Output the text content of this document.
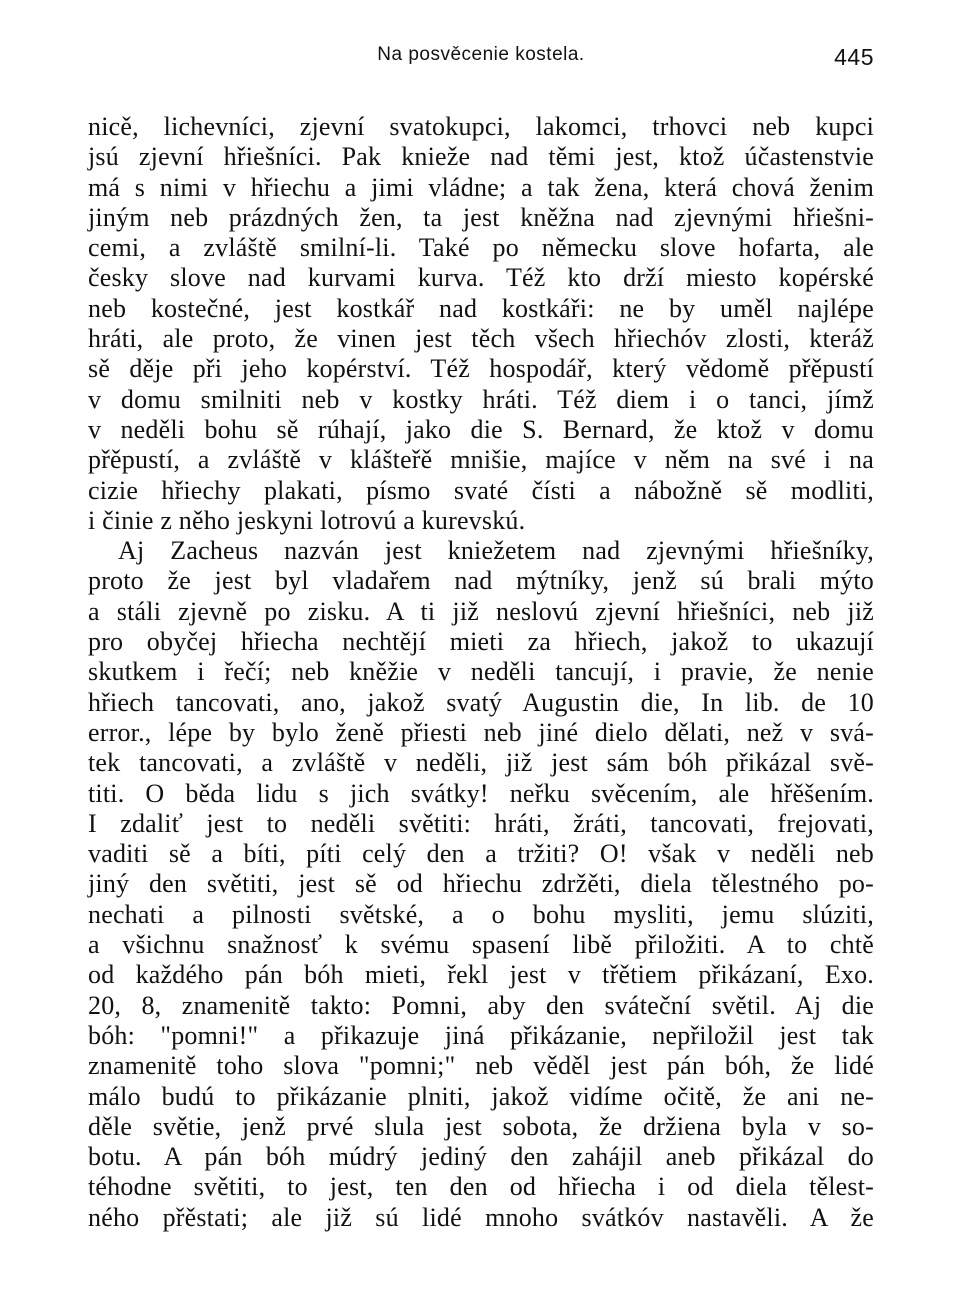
Na posvěcenie kostela.	445
nicě, lichevníci, zjevní svatokupci, lakomci, trhovci neb kupci
jsú zjevní hřiešníci. Pak knieže nad těmi jest, ktož účastenstvie
má s nimi v hřiechu a jimi vládne; a tak žena, která chová ženim
jiným neb prázdných žen, ta jest kněžna nad zjevnými hřiešni-
cemi, a zvláště smilní-li. Také po německu slove hofarta, ale
česky slove nad kurvami kurva. Též kto drží miesto kopérské
neb kostečné, jest kostkář nad kostkáři: ne by uměl najlépe
hráti, ale proto, že vinen jest těch všech hřiechóv zlosti, kteráž
sě děje při jeho kopérství. Též hospodář, který vědomě přěpustí
v domu smilniti neb v kostky hráti. Též diem i o tanci, jímž
v neděli bohu sě rúhají, jako die S. Bernard, že ktož v domu
přěpustí, a zvláště v klášteřě mnišie, majíce v něm na své i na
cizie hřiechy plakati, písmo svaté čísti a nábožně sě modliti,
i činie z něho jeskyni lotrovú a kurevskú.
Aj Zacheus nazván jest kniežetem nad zjevnými hřiešníky,
proto že jest byl vladařem nad mýtníky, jenž sú brali mýto
a stáli zjevně po zisku. A ti již neslovú zjevní hřiešníci, neb již
pro obyčej hřiecha nechtějí mieti za hřiech, jakož to ukazují
skutkem i řečí; neb kněžie v neděli tancují, i pravie, že nenie
hřiech tancovati, ano, jakož svatý Augustin die, In lib. de 10
error., lépe by bylo ženě přiesti neb jiné dielo dělati, než v svá-
tek tancovati, a zvláště v neděli, již jest sám bóh přikázal svě-
titi. O běda lidu s jich svátky! neřku svěcením, ale hřěšením.
I zdaliť jest to neděli světiti: hráti, žráti, tancovati, frejovati,
vaditi sě a bíti, píti celý den a tržiti? O! však v neděli neb
jiný den světiti, jest sě od hřiechu zdržěti, diela tělestného po-
nechati a pilnosti světské, a o bohu mysliti, jemu slúziti,
a všichnu snažnosť k svému spasení libě přiložiti. A to chtě
od každého pán bóh mieti, řekl jest v třětiem přikázaní, Exo.
20, 8, znamenitě takto: Pomni, aby den sváteční světil. Aj die
bóh: "pomni!" a přikazuje jiná přikázanie, nepřiložil jest tak
znamenitě toho slova "pomni;" neb věděl jest pán bóh, že lidé
málo budú to přikázanie plniti, jakož vidíme očitě, že ani ne-
děle světie, jenž prvé slula jest sobota, že držiena byla v so-
botu. A pán bóh múdrý jediný den zahájil aneb přikázal do
téhodne světiti, to jest, ten den od hřiecha i od diela tělest-
ného přěstati; ale již sú lidé mnoho svátkóv nastavěli. A že
